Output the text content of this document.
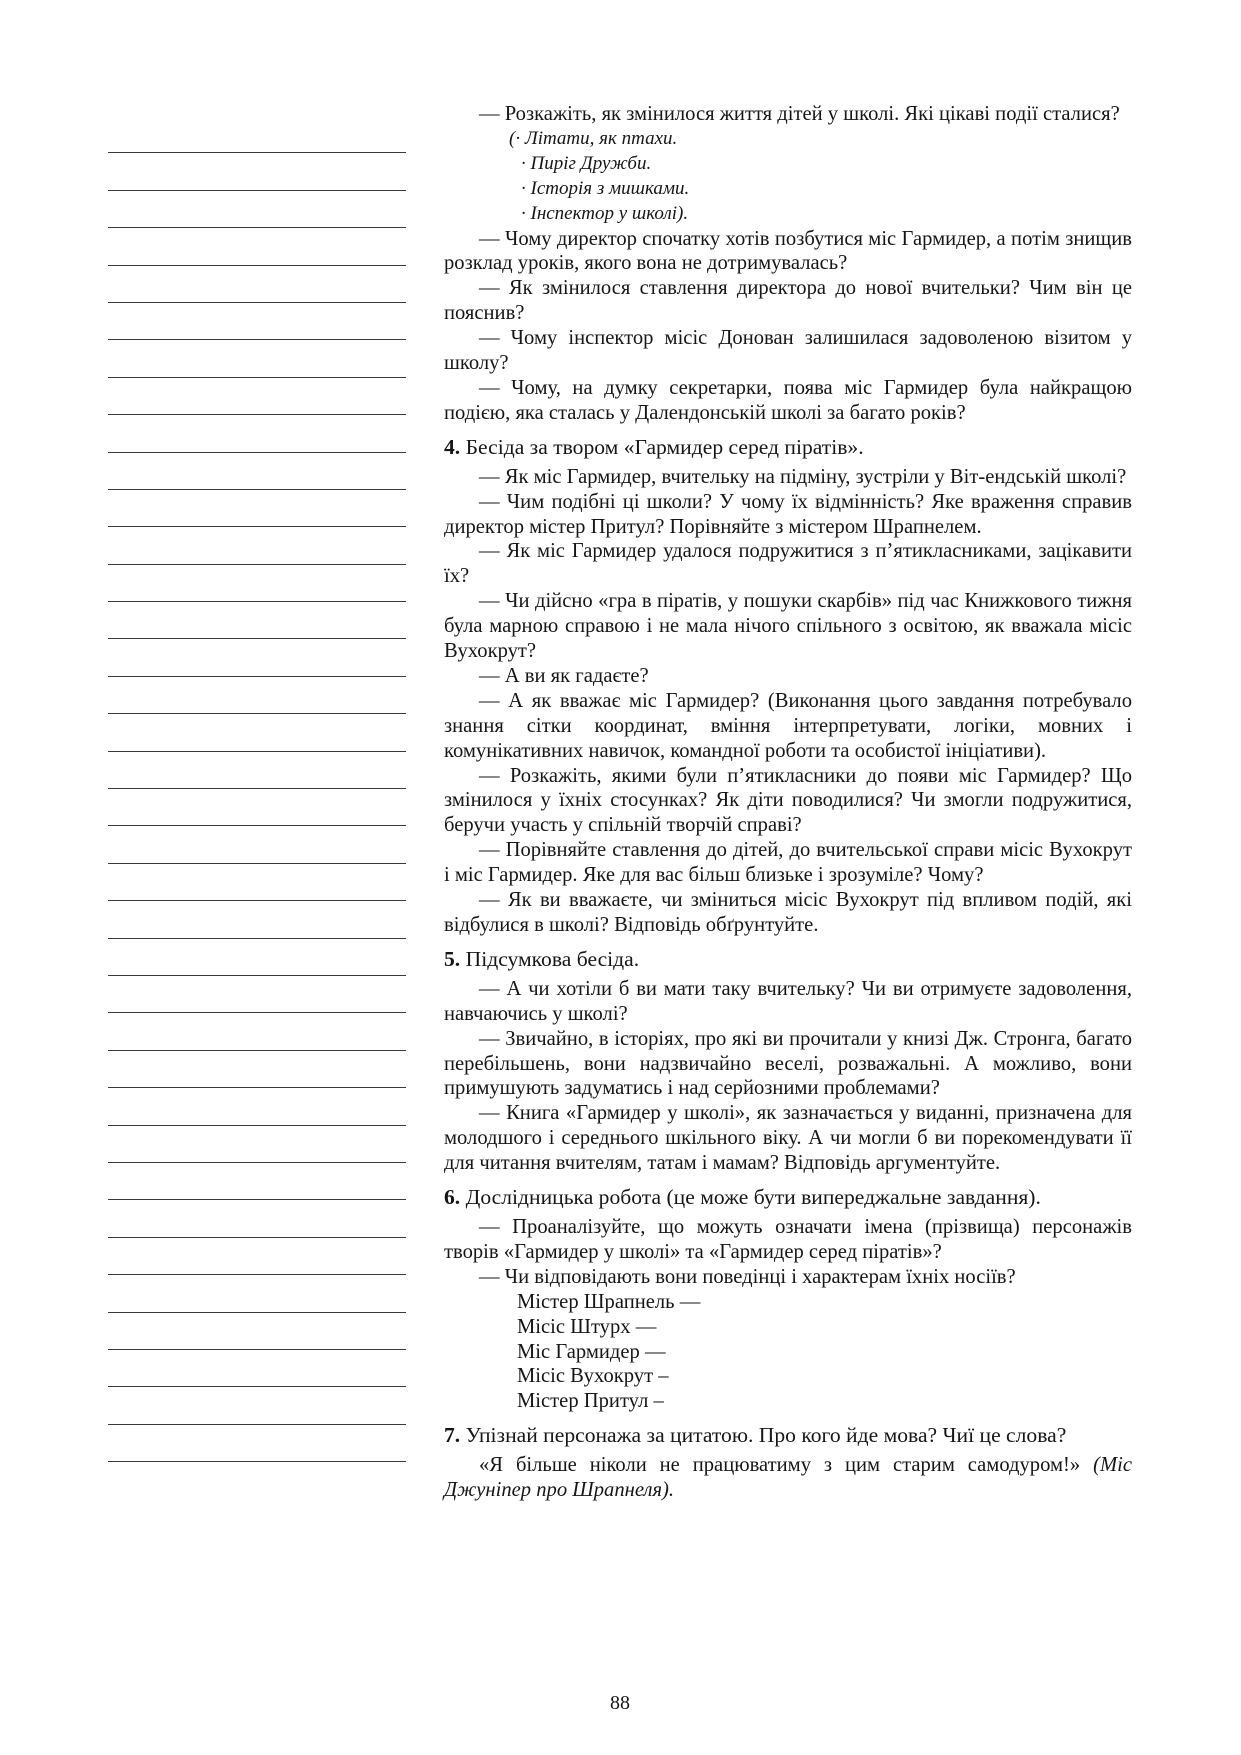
— Розкажіть, як змінилося життя дітей у школі. Які цікаві події сталися?

(· Літати, як птахи.
· Пиріг Дружби.
· Історія з мишками.
· Інспектор у школі).

— Чому директор спочатку хотів позбутися міс Гармидер, а потім знищив розклад уроків, якого вона не дотримувалась?

— Як змінилося ставлення директора до нової вчительки? Чим він це пояснив?

— Чому інспектор місіс Донован залишилася задоволеною візитом у школу?

— Чому, на думку секретарки, поява міс Гармидер була найкращою подією, яка сталась у Далендонській школі за багато років?

4. Бесіда за твором «Гармидер серед піратів».

— Як міс Гармидер, вчительку на підміну, зустріли у Віт-ендській школі?

— Чим подібні ці школи? У чому їх відмінність? Яке враження справив директор містер Притул? Порівняйте з містером Шрапнелем.

— Як міс Гармидер удалося подружитися з п’ятикласниками, зацікавити їх?

— Чи дійсно «гра в піратів, у пошуки скарбів» під час Книжкового тижня була марною справою і не мала нічого спільного з освітою, як вважала місіс Вухокрут?

— А ви як гадаєте?

— А як вважає міс Гармидер? (Виконання цього завдання потребувало знання сітки координат, вміння інтерпретувати, логіки, мовних і комунікативних навичок, командної роботи та особистої ініціативи).

— Розкажіть, якими були п’ятикласники до появи міс Гармидер? Що змінилося у їхніх стосунках? Як діти поводилися? Чи змогли подружитися, беручи участь у спільній творчій справі?

— Порівняйте ставлення до дітей, до вчительської справи місіс Вухокрут і міс Гармидер. Яке для вас більш близьке і зрозуміле? Чому?

— Як ви вважаєте, чи зміниться місіс Вухокрут під впливом подій, які відбулися в школі? Відповідь обґрунтуйте.

5. Підсумкова бесіда.

— А чи хотіли б ви мати таку вчительку? Чи ви отримуєте задоволення, навчаючись у школі?

— Звичайно, в історіях, про які ви прочитали у книзі Дж. Стронга, багато перебільшень, вони надзвичайно веселі, розважальні. А можливо, вони примушують задуматись і над серйозними проблемами?

— Книга «Гармидер у школі», як зазначається у виданні, призначена для молодшого і середнього шкільного віку. А чи могли б ви порекомендувати її для читання вчителям, татам і мамам? Відповідь аргументуйте.

6. Дослідницька робота (це може бути випереджальне завдання).

— Проаналізуйте, що можуть означати імена (прізвища) персонажів творів «Гармидер у школі» та «Гармидер серед піратів»?

— Чи відповідають вони поведінці і характерам їхніх носіїв?

Містер Шрапнель —
Місіс Штурх —
Міс Гармидер —
Місіс Вухокрут –
Містер Притул –

7. Упізнай персонажа за цитатою. Про кого йде мова? Чиї це слова?

«Я більше ніколи не працюватиму з цим старим самодуром!» (Міс Джуніпер про Шрапнеля).

88
